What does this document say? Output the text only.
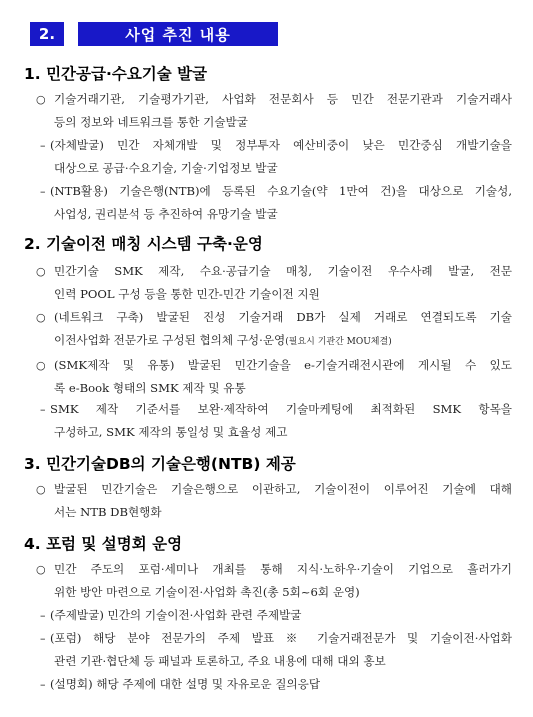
2.	사업 추진 내용
1. 민간공급·수요기술 발굴
○ 기술거래기관, 기술평가기관, 사업화 전문회사 등 민간 전문기관과 기술거래사
등의 정보와 네트워크를 통한 기술발굴
– (자체발굴) 민간 자체개발 및 정부투자 예산비중이 낮은 민간중심 개발기술을
대상으로 공급·수요기술, 기술·기업정보 발굴
– (NTB활용) 기술은행(NTB)에 등록된 수요기술(약 1만여 건)을 대상으로 기술성,
사업성, 권리분석 등 추진하여 유망기술 발굴
2. 기술이전 매칭 시스템 구축·운영
○ 민간기술 SMK 제작, 수요·공급기술 매칭, 기술이전 우수사례 발굴, 전문
인력 POOL 구성 등을 통한 민간-민간 기술이전 지원
○ (네트워크 구축) 발굴된 진성 기술거래 DB가 실제 거래로 연결되도록 기술
이전사업화 전문가로 구성된 협의체 구성·운영(필요시 기관간 MOU체결)
○ (SMK제작 및 유통) 발굴된 민간기술을 e-기술거래전시관에 게시될 수 있도
록 e-Book 형태의 SMK 제작 및 유통
– SMK 제작 기준서를 보완·제작하여 기술마케팅에 최적화된 SMK 항목을
구성하고, SMK 제작의 통일성 및 효율성 제고
3. 민간기술DB의 기술은행(NTB) 제공
○ 발굴된 민간기술은 기술은행으로 이관하고, 기술이전이 이루어진 기술에 대해
서는 NTB DB현행화
4. 포럼 및 설명회 운영
○ 민간 주도의 포럼·세미나 개최를 통해 지식·노하우·기술이 기업으로 흘러가기
위한 방안 마련으로 기술이전·사업화 촉진(총 5회~6회 운영)
– (주제발굴) 민간의 기술이전·사업화 관련 주제발굴
– (포럼) 해당 분야 전문가의 주제 발표 ※ 기술거래전문가 및 기술이전·사업화
관련 기관·협단체 등 패널과 토론하고, 주요 내용에 대해 대외 홍보
– (설명회) 해당 주제에 대한 설명 및 자유로운 질의응답
